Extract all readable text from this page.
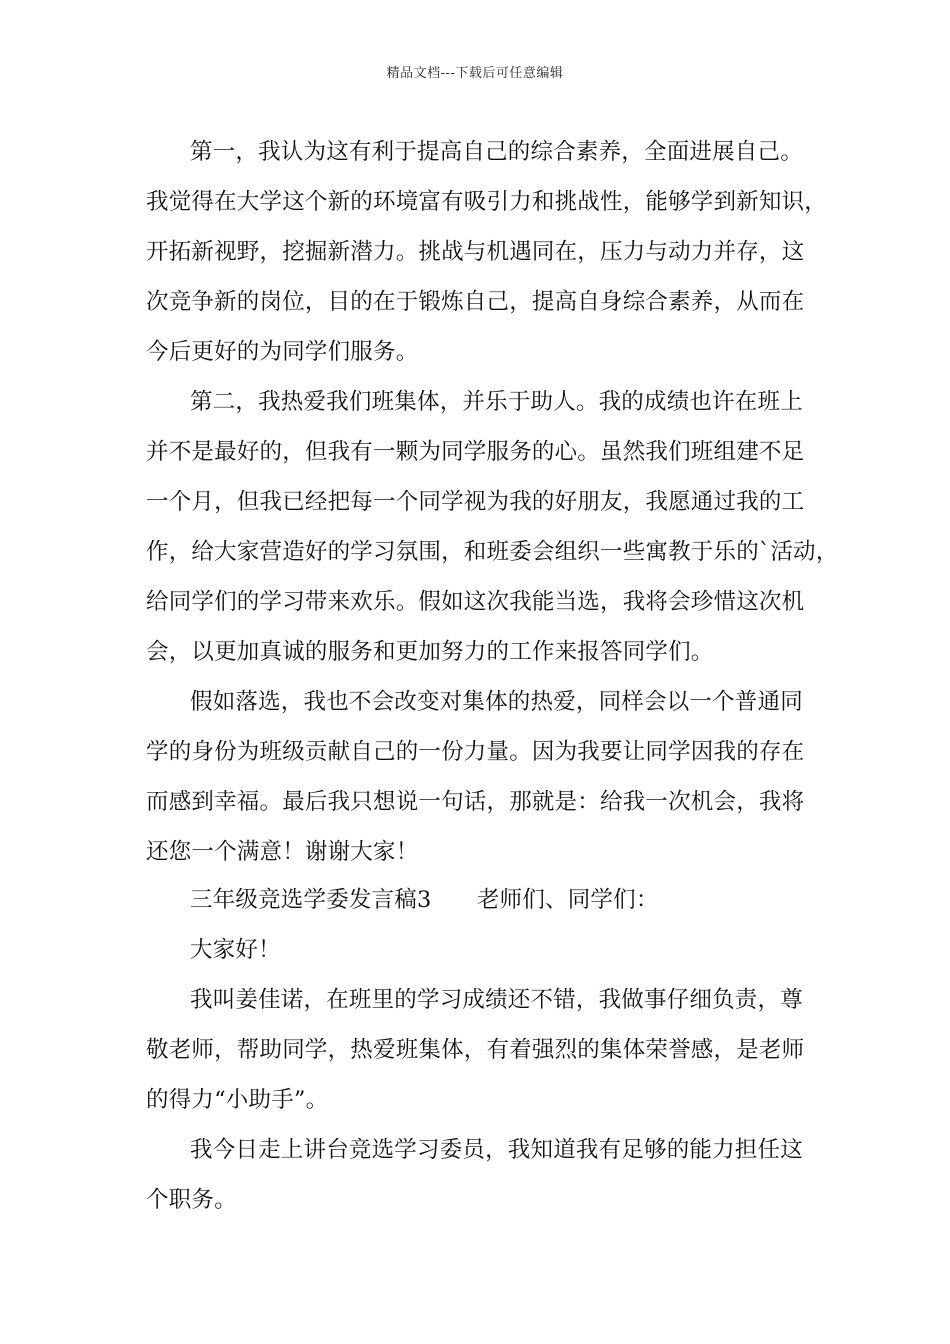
精品文档---下载后可任意编辑
第一，我认为这有利于提高自己的综合素养，全面进展自己。
我觉得在大学这个新的环境富有吸引力和挑战性，能够学到新知识，
开拓新视野，挖掘新潜力。挑战与机遇同在，压力与动力并存，这
次竞争新的岗位，目的在于锻炼自己，提高自身综合素养，从而在
今后更好的为同学们服务。
第二，我热爱我们班集体，并乐于助人。我的成绩也许在班上
并不是最好的，但我有一颗为同学服务的心。虽然我们班组建不足
一个月，但我已经把每一个同学视为我的好朋友，我愿通过我的工
作，给大家营造好的学习氛围，和班委会组织一些寓教于乐的`活动，
给同学们的学习带来欢乐。假如这次我能当选，我将会珍惜这次机
会，以更加真诚的服务和更加努力的工作来报答同学们。
假如落选，我也不会改变对集体的热爱，同样会以一个普通同
学的身份为班级贡献自己的一份力量。因为我要让同学因我的存在
而感到幸福。最后我只想说一句话，那就是：给我一次机会，我将
还您一个满意！谢谢大家！
三年级竞选学委发言稿3　　老师们、同学们：
大家好！
我叫姜佳诺，在班里的学习成绩还不错，我做事仔细负责，尊
敬老师，帮助同学，热爱班集体，有着强烈的集体荣誉感，是老师
的得力“小助手”。
我今日走上讲台竞选学习委员，我知道我有足够的能力担任这
个职务。
